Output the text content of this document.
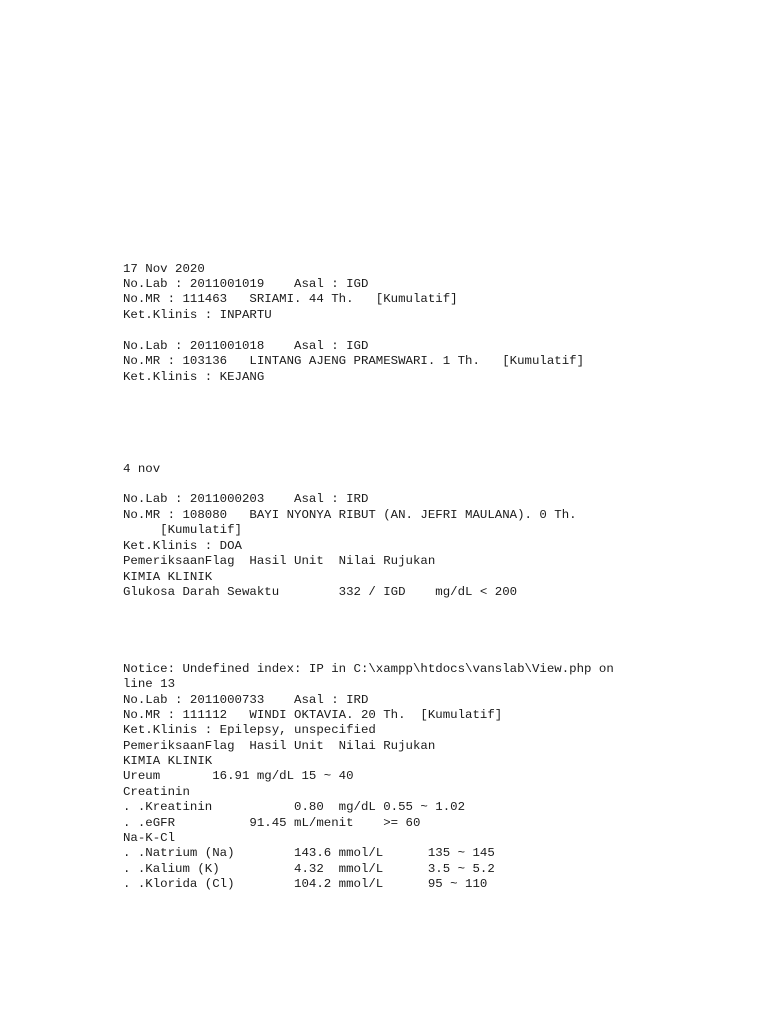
17 Nov 2020
No.Lab : 2011001019    Asal : IGD
No.MR : 111463   SRIAMI. 44 Th.   [Kumulatif]
Ket.Klinis : INPARTU
No.Lab : 2011001018    Asal : IGD
No.MR : 103136   LINTANG AJENG PRAMESWARI. 1 Th.   [Kumulatif]
Ket.Klinis : KEJANG
4 nov
No.Lab : 2011000203    Asal : IRD
No.MR : 108080   BAYI NYONYA RIBUT (AN. JEFRI MAULANA). 0 Th.
[Kumulatif]
Ket.Klinis : DOA
PemeriksaanFlag  Hasil Unit  Nilai Rujukan
KIMIA KLINIK
Glukosa Darah Sewaktu        332 / IGD    mg/dL < 200
Notice: Undefined index: IP in C:\xampp\htdocs\vanslab\View.php on
line 13
No.Lab : 2011000733    Asal : IRD
No.MR : 111112   WINDI OKTAVIA. 20 Th.  [Kumulatif]
Ket.Klinis : Epilepsy, unspecified
PemeriksaanFlag  Hasil Unit  Nilai Rujukan
KIMIA KLINIK
Ureum       16.91 mg/dL 15 ~ 40
Creatinin
. .Kreatinin           0.80  mg/dL 0.55 ~ 1.02
. .eGFR          91.45 mL/menit    >= 60
Na-K-Cl
. .Natrium (Na)        143.6 mmol/L      135 ~ 145
. .Kalium (K)          4.32  mmol/L      3.5 ~ 5.2
. .Klorida (Cl)        104.2 mmol/L      95 ~ 110
